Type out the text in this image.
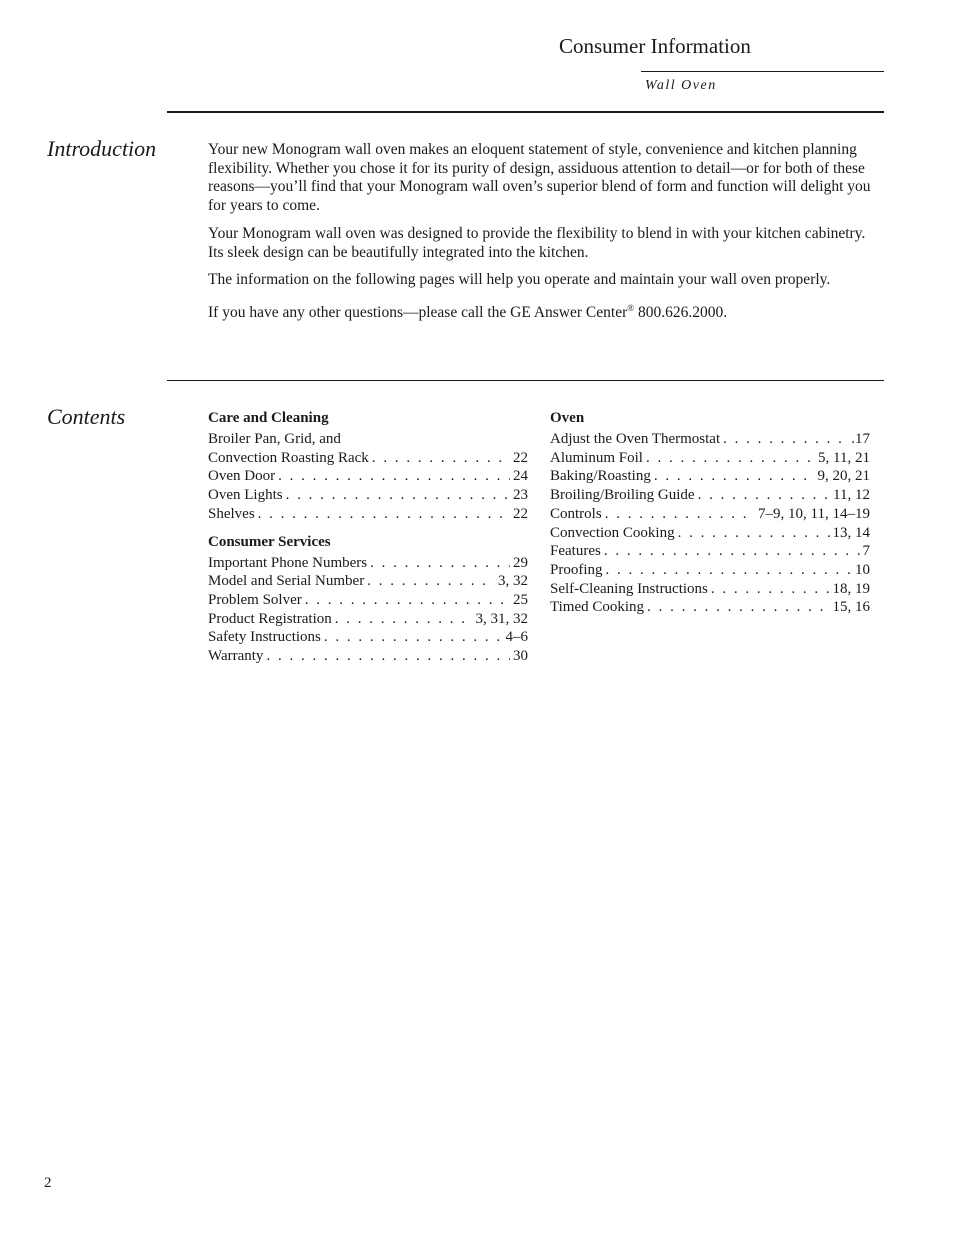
Consumer Information
Wall Oven
Introduction	Your new Monogram wall oven makes an eloquent statement of style, convenience and kitchen planning flexibility. Whether you chose it for its purity of design, assiduous attention to detail—or for both of these reasons—you’ll find that your Monogram wall oven’s superior blend of form and function will delight you for years to come.

Your Monogram wall oven was designed to provide the flexibility to blend in with your kitchen cabinetry. Its sleek design can be beautifully integrated into the kitchen.

The information on the following pages will help you operate and maintain your wall oven properly.

If you have any other questions—please call the GE Answer Center® 800.626.2000.

Contents	Care and Cleaning
Broiler Pan, Grid, and
Convection Roasting Rack . . .	22
Oven Door . . .	24
Oven Lights . . .	23
Shelves . . .	22
Consumer Services
Important Phone Numbers . . .	29
Model and Serial Number . . .	3, 32
Problem Solver . . .	25
Product Registration . . .	3, 31, 32
Safety Instructions . . .	4–6
Warranty . . .	30
Oven
Adjust the Oven Thermostat . . .	.17
Aluminum Foil . . .	5, 11, 21
Baking/Roasting . . .	9, 20, 21
Broiling/Broiling Guide . . .	11, 12
Controls . . .	7–9, 10, 11, 14–19
Convection Cooking . . .	13, 14
Features . . .	7
Proofing . . .	10
Self-Cleaning Instructions . . .	18, 19
Timed Cooking . . .	15, 16
2
